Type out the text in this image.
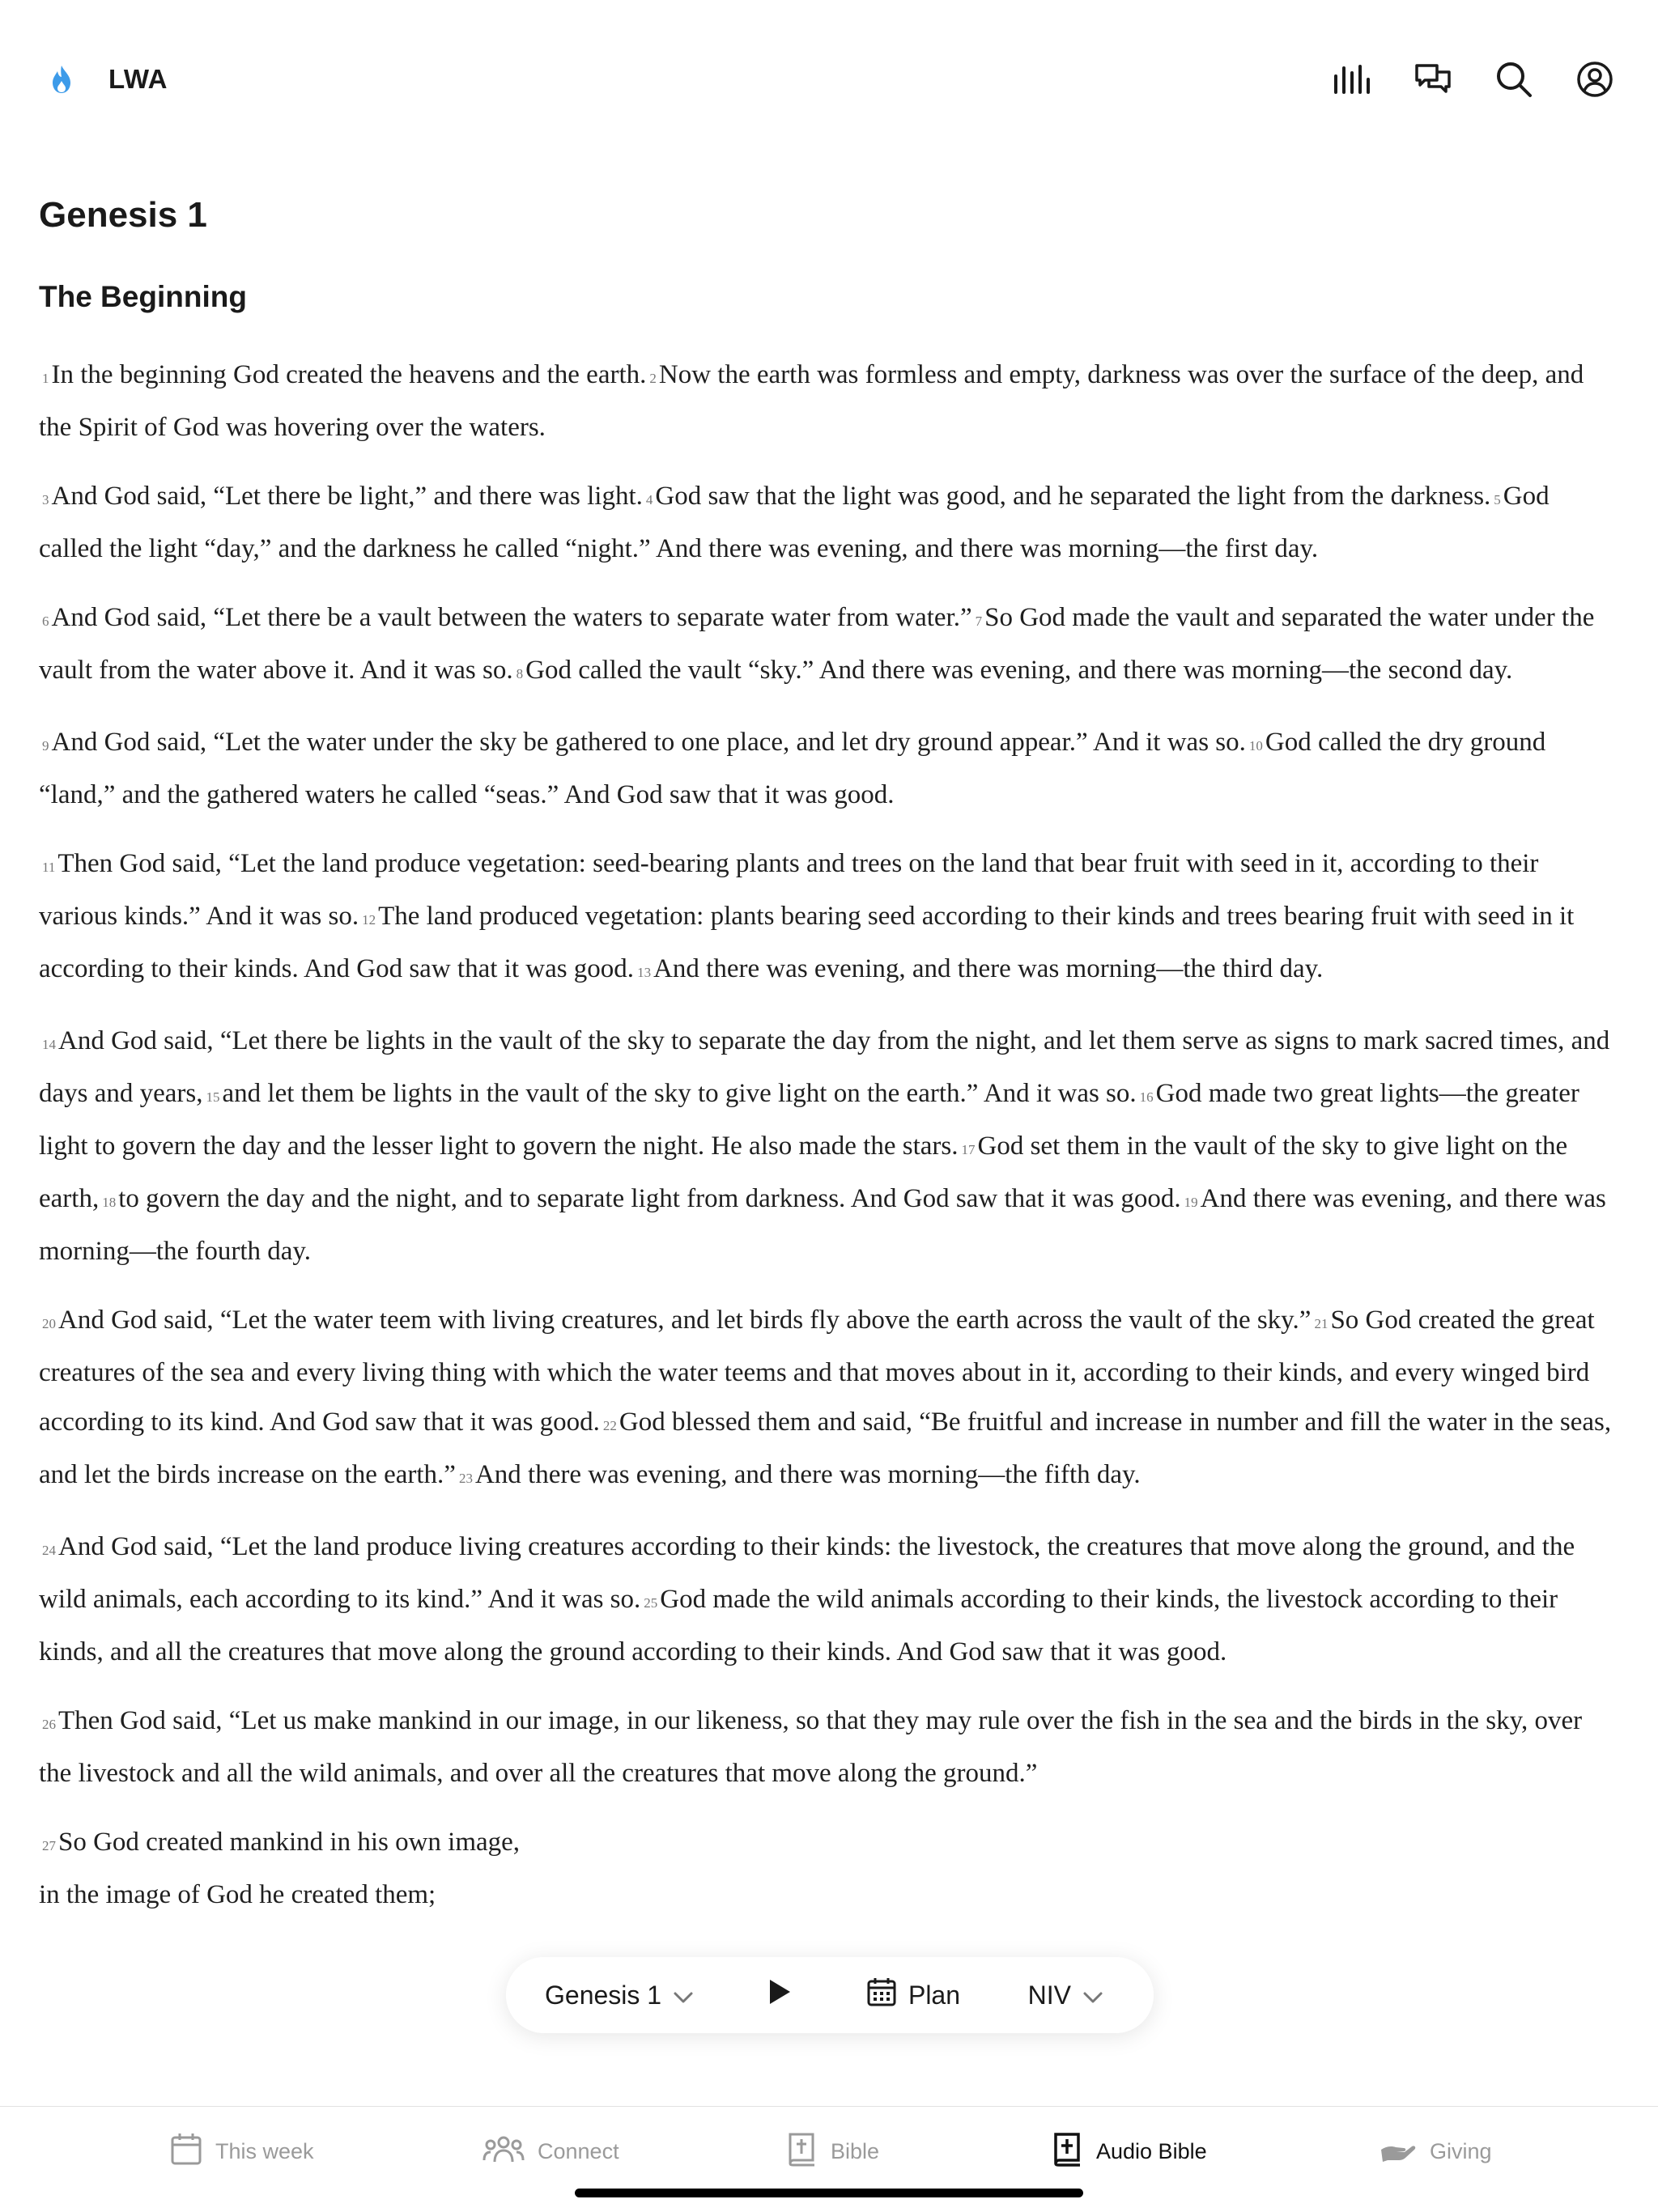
LWA
Genesis 1
The Beginning

1In the beginning God created the heavens and the earth. 2Now the earth was formless and empty, darkness was over the surface of the deep, and the Spirit of God was hovering over the waters.

3And God said, “Let there be light,” and there was light. 4God saw that the light was good, and he separated the light from the darkness. 5God called the light “day,” and the darkness he called “night.” And there was evening, and there was morning—the first day.

6And God said, “Let there be a vault between the waters to separate water from water.” 7So God made the vault and separated the water under the vault from the water above it. And it was so. 8God called the vault “sky.” And there was evening, and there was morning—the second day.

9And God said, “Let the water under the sky be gathered to one place, and let dry ground appear.” And it was so. 10God called the dry ground “land,” and the gathered waters he called “seas.” And God saw that it was good.

11Then God said, “Let the land produce vegetation: seed-bearing plants and trees on the land that bear fruit with seed in it, according to their various kinds.” And it was so. 12The land produced vegetation: plants bearing seed according to their kinds and trees bearing fruit with seed in it according to their kinds. And God saw that it was good. 13And there was evening, and there was morning—the third day.

14And God said, “Let there be lights in the vault of the sky to separate the day from the night, and let them serve as signs to mark sacred times, and days and years, 15and let them be lights in the vault of the sky to give light on the earth.” And it was so. 16God made two great lights—the greater light to govern the day and the lesser light to govern the night. He also made the stars. 17God set them in the vault of the sky to give light on the earth, 18to govern the day and the night, and to separate light from darkness. And God saw that it was good. 19And there was evening, and there was morning—the fourth day.

20And God said, “Let the water teem with living creatures, and let birds fly above the earth across the vault of the sky.” 21So God created the great creatures of the sea and every living thing with which the water teems and that moves about in it, according to their kinds, and every winged bird according to its kind. And God saw that it was good. 22God blessed them and said, “Be fruitful and increase in number and fill the water in the seas, and let the birds increase on the earth.” 23And there was evening, and there was morning—the fifth day.

24And God said, “Let the land produce living creatures according to their kinds: the livestock, the creatures that move along the ground, and the wild animals, each according to its kind.” And it was so. 25God made the wild animals according to their kinds, the livestock according to their kinds, and all the creatures that move along the ground according to their kinds. And God saw that it was good.

26Then God said, “Let us make mankind in our image, in our likeness, so that they may rule over the fish in the sea and the birds in the sky, over the livestock and all the wild animals, and over all the creatures that move along the ground.”

27So God created mankind in his own image,
in the image of God he created them;
Genesis 1	Plan	NIV
This week	Connect	Bible	Audio Bible	Giving
